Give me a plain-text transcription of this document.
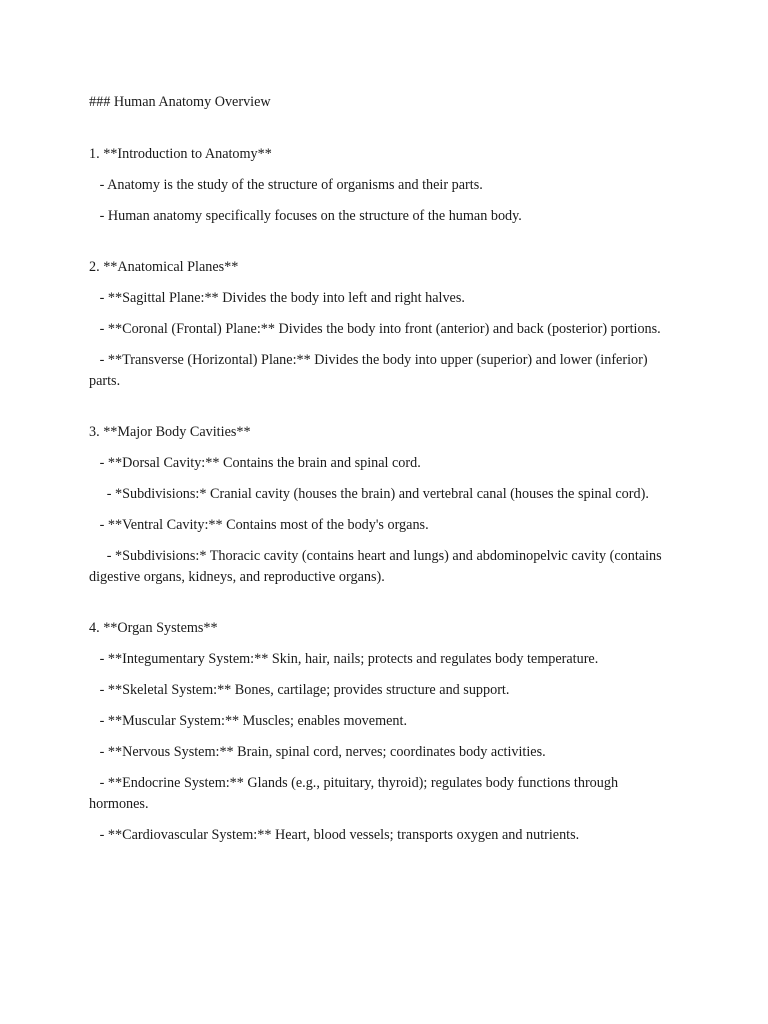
### Human Anatomy Overview

1. **Introduction to Anatomy**

- Anatomy is the study of the structure of organisms and their parts.

- Human anatomy specifically focuses on the structure of the human body.

2. **Anatomical Planes**

- **Sagittal Plane:** Divides the body into left and right halves.

- **Coronal (Frontal) Plane:** Divides the body into front (anterior) and back (posterior) portions.

- **Transverse (Horizontal) Plane:** Divides the body into upper (superior) and lower (inferior) parts.

3. **Major Body Cavities**

- **Dorsal Cavity:** Contains the brain and spinal cord.

- *Subdivisions:* Cranial cavity (houses the brain) and vertebral canal (houses the spinal cord).

- **Ventral Cavity:** Contains most of the body's organs.

- *Subdivisions:* Thoracic cavity (contains heart and lungs) and abdominopelvic cavity (contains digestive organs, kidneys, and reproductive organs).

4. **Organ Systems**

- **Integumentary System:** Skin, hair, nails; protects and regulates body temperature.

- **Skeletal System:** Bones, cartilage; provides structure and support.

- **Muscular System:** Muscles; enables movement.

- **Nervous System:** Brain, spinal cord, nerves; coordinates body activities.

- **Endocrine System:** Glands (e.g., pituitary, thyroid); regulates body functions through hormones.

- **Cardiovascular System:** Heart, blood vessels; transports oxygen and nutrients.
